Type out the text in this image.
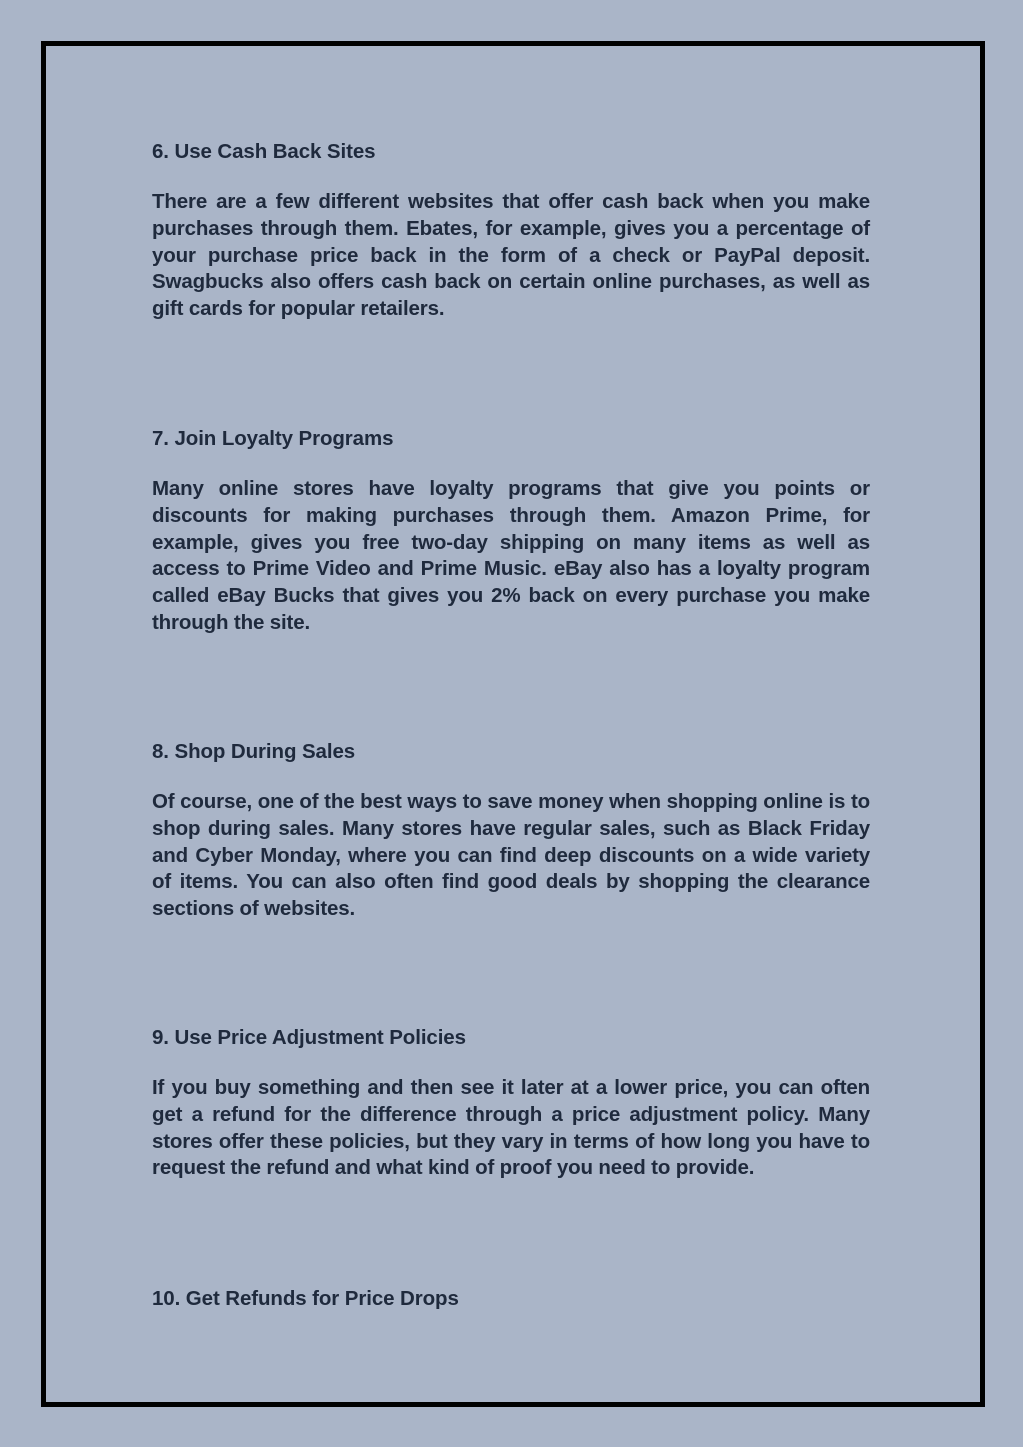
6. Use Cash Back Sites

There are a few different websites that offer cash back when you make purchases through them. Ebates, for example, gives you a percentage of your purchase price back in the form of a check or PayPal deposit. Swagbucks also offers cash back on certain online purchases, as well as gift cards for popular retailers.

7. Join Loyalty Programs

Many online stores have loyalty programs that give you points or discounts for making purchases through them. Amazon Prime, for example, gives you free two-day shipping on many items as well as access to Prime Video and Prime Music. eBay also has a loyalty program called eBay Bucks that gives you 2% back on every purchase you make through the site.

8. Shop During Sales

Of course, one of the best ways to save money when shopping online is to shop during sales. Many stores have regular sales, such as Black Friday and Cyber Monday, where you can find deep discounts on a wide variety of items. You can also often find good deals by shopping the clearance sections of websites.

9. Use Price Adjustment Policies

If you buy something and then see it later at a lower price, you can often get a refund for the difference through a price adjustment policy. Many stores offer these policies, but they vary in terms of how long you have to request the refund and what kind of proof you need to provide.

10. Get Refunds for Price Drops
